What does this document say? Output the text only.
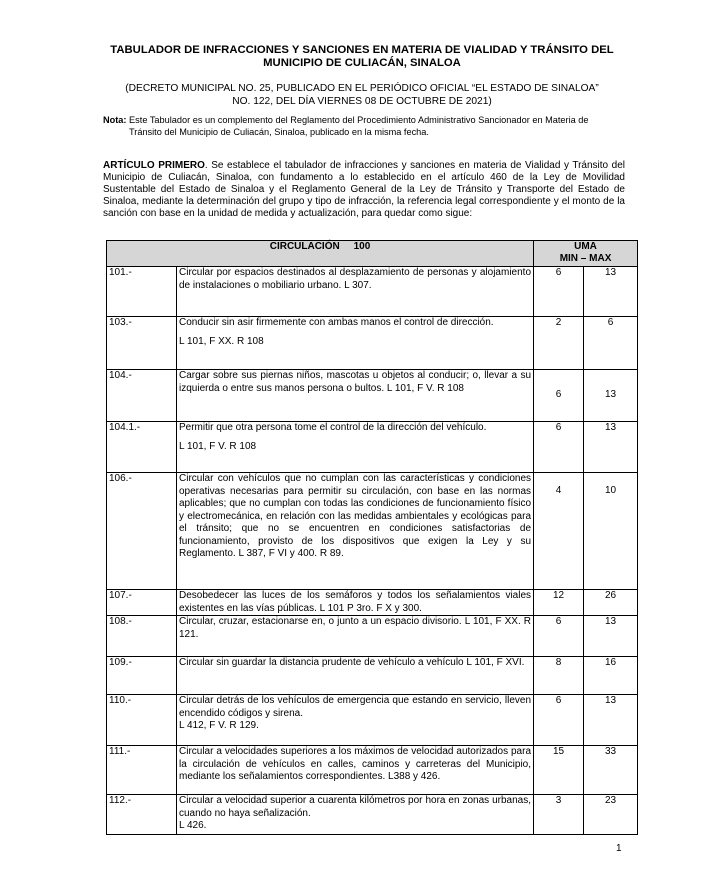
TABULADOR DE INFRACCIONES Y SANCIONES EN MATERIA DE VIALIDAD Y TRÁNSITO DEL
MUNICIPIO DE CULIACÁN, SINALOA
(DECRETO MUNICIPAL NO. 25, PUBLICADO EN EL PERIÓDICO OFICIAL “EL ESTADO DE SINALOA”
NO. 122, DEL DÍA VIERNES 08 DE OCTUBRE DE 2021)
Nota: Este Tabulador es un complemento del Reglamento del Procedimiento Administrativo Sancionador en Materia de
Tránsito del Municipio de Culiacán, Sinaloa, publicado en la misma fecha.
ARTÍCULO PRIMERO. Se establece el tabulador de infracciones y sanciones en materia de Vialidad y Tránsito del Municipio de Culiacán, Sinaloa, con fundamento a lo establecido en el artículo 460 de la Ley de Movilidad Sustentable del Estado de Sinaloa y el Reglamento General de la Ley de Tránsito y Transporte del Estado de Sinaloa, mediante la determinación del grupo y tipo de infracción, la referencia legal correspondiente y el monto de la sanción con base en la unidad de medida y actualización, para quedar como sigue:
CIRCULACIÓN     100		UMA
MIN – MAX	
101.-	Circular por espacios destinados al desplazamiento de personas y alojamiento de instalaciones o mobiliario urbano. L 307.	6	13
103.-	Conducir sin asir firmemente con ambas manos el control de dirección.
L 101, F XX. R 108	2	6
104.-	Cargar sobre sus piernas niños, mascotas u objetos al conducir; o, llevar a su izquierda o entre sus manos persona o bultos. L 101, F V. R 108	6	13
104.1.-	Permitir que otra persona tome el control de la dirección del vehículo.
L 101, F V. R 108	6	13
106.-	Circular con vehículos que no cumplan con las características y condiciones operativas necesarias para permitir su circulación, con base en las normas aplicables; que no cumplan con todas las condiciones de funcionamiento físico y electromecánica, en relación con las medidas ambientales y ecológicas para el tránsito; que no se encuentren en condiciones satisfactorias de funcionamiento, provisto de los dispositivos que exigen la Ley y su Reglamento. L 387, F VI y 400. R 89.	4	10
107.-	Desobedecer las luces de los semáforos y todos los señalamientos viales existentes en las vías públicas. L 101 P 3ro. F X y 300.	12	26
108.-	Circular, cruzar, estacionarse en, o junto a un espacio divisorio. L 101, F XX. R 121.	6	13
109.-	Circular sin guardar la distancia prudente de vehículo a vehículo L 101, F XVI.	8	16
110.-	Circular detrás de los vehículos de emergencia que estando en servicio, lleven encendido códigos y sirena.
L 412, F V. R 129.	6	13
111.-	Circular a velocidades superiores a los máximos de velocidad autorizados para la circulación de vehículos en calles, caminos y carreteras del Municipio, mediante los señalamientos correspondientes. L388 y 426.	15	33
112.-	Circular a velocidad superior a cuarenta kilómetros por hora en zonas urbanas, cuando no haya señalización.
L 426.	3	23
1
